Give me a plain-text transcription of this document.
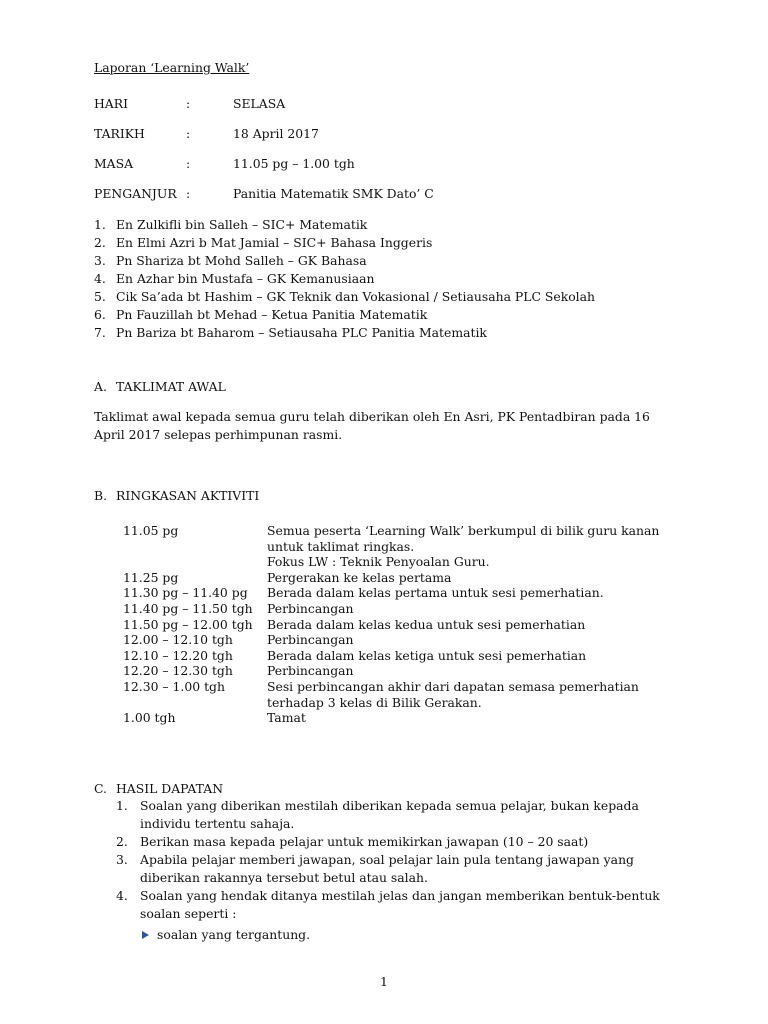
Laporan ‘Learning Walk’
HARI	:	SELASA
TARIKH	:	18 April 2017
MASA	:	11.05 pg – 1.00 tgh
PENGANJUR :	Panitia Matematik SMK Dato’ C
1. En Zulkifli bin Salleh – SIC+ Matematik
2. En Elmi Azri b Mat Jamial – SIC+ Bahasa Inggeris
3. Pn Shariza bt Mohd Salleh – GK Bahasa
4. En Azhar bin Mustafa – GK Kemanusiaan
5. Cik Sa’ada bt Hashim – GK Teknik dan Vokasional / Setiausaha PLC Sekolah
6. Pn Fauzillah bt Mehad – Ketua Panitia Matematik
7. Pn Bariza bt Baharom – Setiausaha PLC Panitia Matematik
A. TAKLIMAT AWAL
Taklimat awal kepada semua guru telah diberikan oleh En Asri, PK Pentadbiran pada 16 April 2017 selepas perhimpunan rasmi.
B. RINGKASAN AKTIVITI
11.05 pg	Semua peserta ‘Learning Walk’ berkumpul di bilik guru kanan
untuk taklimat ringkas.
Fokus LW : Teknik Penyoalan Guru.
11.25 pg	Pergerakan ke kelas pertama
11.30 pg – 11.40 pg Berada dalam kelas pertama untuk sesi pemerhatian.
11.40 pg – 11.50 tgh Perbincangan
11.50 pg – 12.00 tgh Berada dalam kelas kedua untuk sesi pemerhatian
12.00 – 12.10 tgh	Perbincangan
12.10 – 12.20 tgh	Berada dalam kelas ketiga untuk sesi pemerhatian
12.20 – 12.30 tgh	Perbincangan
12.30 – 1.00 tgh	Sesi perbincangan akhir dari dapatan semasa pemerhatian
terhadap 3 kelas di Bilik Gerakan.
1.00 tgh	Tamat
C. HASIL DAPATAN
1. Soalan yang diberikan mestilah diberikan kepada semua pelajar, bukan kepada individu tertentu sahaja.
2. Berikan masa kepada pelajar untuk memikirkan jawapan (10 – 20 saat)
3. Apabila pelajar memberi jawapan, soal pelajar lain pula tentang jawapan yang diberikan rakannya tersebut betul atau salah.
4. Soalan yang hendak ditanya mestilah jelas dan jangan memberikan bentuk-bentuk soalan seperti :
soalan yang tergantung.
1
